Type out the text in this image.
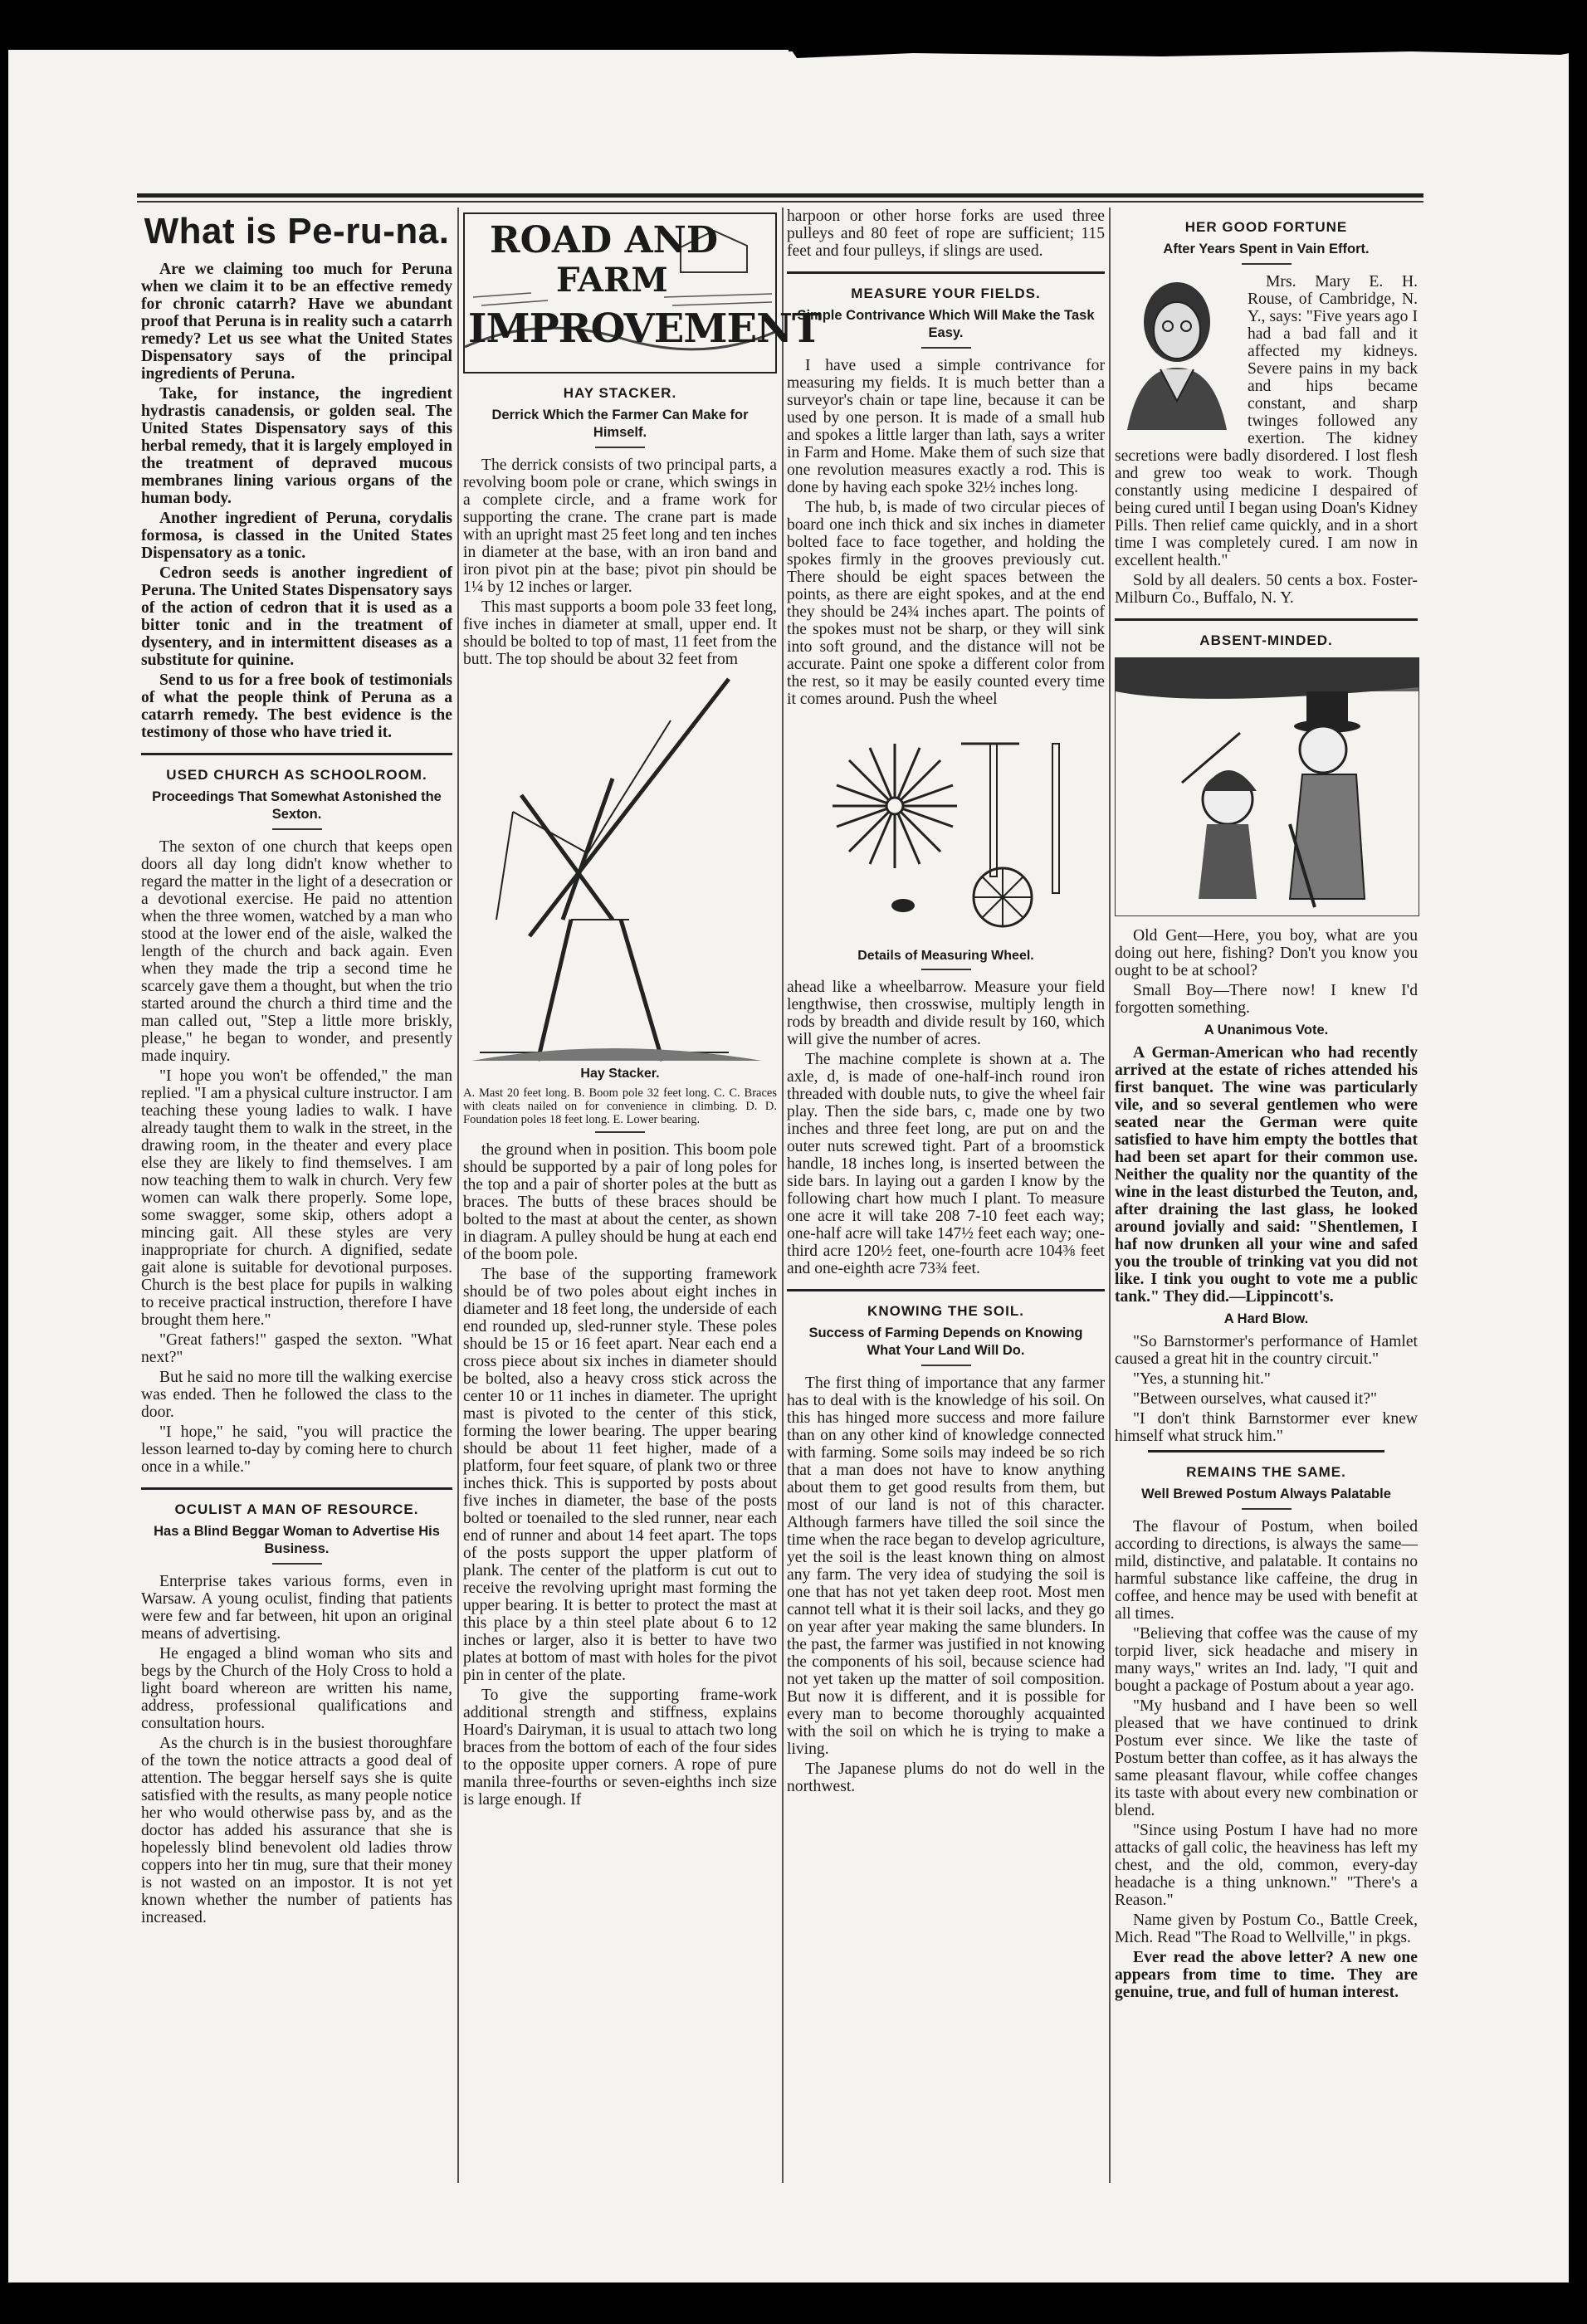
What is Pe-ru-na.

Are we claiming too much for Peruna when we claim it to be an effective remedy for chronic catarrh? Have we abundant proof that Peruna is in reality such a catarrh remedy? Let us see what the United States Dispensatory says of the principal ingredients of Peruna.

Take, for instance, the ingredient hydrastis canadensis, or golden seal. The United States Dispensatory says of this herbal remedy, that it is largely employed in the treatment of depraved mucous membranes lining various organs of the human body.

Another ingredient of Peruna, corydalis formosa, is classed in the United States Dispensatory as a tonic.

Cedron seeds is another ingredient of Peruna. The United States Dispensatory says of the action of cedron that it is used as a bitter tonic and in the treatment of dysentery, and in intermittent diseases as a substitute for quinine.

Send to us for a free book of testimonials of what the people think of Peruna as a catarrh remedy. The best evidence is the testimony of those who have tried it.

USED CHURCH AS SCHOOLROOM.
Proceedings That Somewhat Astonished the Sexton.

The sexton of one church that keeps open doors all day long didn't know whether to regard the matter in the light of a desecration or a devotional exercise. He paid no attention when the three women, watched by a man who stood at the lower end of the aisle, walked the length of the church and back again. Even when they made the trip a second time he scarcely gave them a thought, but when the trio started around the church a third time and the man called out, "Step a little more briskly, please," he began to wonder, and presently made inquiry.

"I hope you won't be offended," the man replied. "I am a physical culture instructor. I am teaching these young ladies to walk. I have already taught them to walk in the street, in the drawing room, in the theater and every place else they are likely to find themselves. I am now teaching them to walk in church. Very few women can walk there properly. Some lope, some swagger, some skip, others adopt a mincing gait. All these styles are very inappropriate for church. A dignified, sedate gait alone is suitable for devotional purposes. Church is the best place for pupils in walking to receive practical instruction, therefore I have brought them here."

"Great fathers!" gasped the sexton. "What next?"

But he said no more till the walking exercise was ended. Then he followed the class to the door.

"I hope," he said, "you will practice the lesson learned to-day by coming here to church once in a while."

OCULIST A MAN OF RESOURCE.
Has a Blind Beggar Woman to Advertise His Business.

Enterprise takes various forms, even in Warsaw. A young oculist, finding that patients were few and far between, hit upon an original means of advertising.

He engaged a blind woman who sits and begs by the Church of the Holy Cross to hold a light board whereon are written his name, address, professional qualifications and consultation hours.

As the church is in the busiest thoroughfare of the town the notice attracts a good deal of attention. The beggar herself says she is quite satisfied with the results, as many people notice her who would otherwise pass by, and as the doctor has added his assurance that she is hopelessly blind benevolent old ladies throw coppers into her tin mug, sure that their money is not wasted on an impostor. It is not yet known whether the number of patients has increased.

ROAD AND
FARM
IMPROVEMENT
HAY STACKER.
Derrick Which the Farmer Can Make for Himself.

The derrick consists of two principal parts, a revolving boom pole or crane, which swings in a complete circle, and a frame work for supporting the crane. The crane part is made with an upright mast 25 feet long and ten inches in diameter at the base, with an iron band and iron pivot pin at the base; pivot pin should be 1¼ by 12 inches or larger.

This mast supports a boom pole 33 feet long, five inches in diameter at small, upper end. It should be bolted to top of mast, 11 feet from the butt. The top should be about 32 feet from

Hay Stacker.

A. Mast 20 feet long. B. Boom pole 32 feet long. C. C. Braces with cleats nailed on for convenience in climbing. D. D. Foundation poles 18 feet long. E. Lower bearing.

the ground when in position. This boom pole should be supported by a pair of long poles for the top and a pair of shorter poles at the butt as braces. The butts of these braces should be bolted to the mast at about the center, as shown in diagram. A pulley should be hung at each end of the boom pole.

The base of the supporting framework should be of two poles about eight inches in diameter and 18 feet long, the underside of each end rounded up, sled-runner style. These poles should be 15 or 16 feet apart. Near each end a cross piece about six inches in diameter should be bolted, also a heavy cross stick across the center 10 or 11 inches in diameter. The upright mast is pivoted to the center of this stick, forming the lower bearing. The upper bearing should be about 11 feet higher, made of a platform, four feet square, of plank two or three inches thick. This is supported by posts about five inches in diameter, the base of the posts bolted or toenailed to the sled runner, near each end of runner and about 14 feet apart. The tops of the posts support the upper platform of plank. The center of the platform is cut out to receive the revolving upright mast forming the upper bearing. It is better to protect the mast at this place by a thin steel plate about 6 to 12 inches or larger, also it is better to have two plates at bottom of mast with holes for the pivot pin in center of the plate.

To give the supporting frame-work additional strength and stiffness, explains Hoard's Dairyman, it is usual to attach two long braces from the bottom of each of the four sides to the opposite upper corners. A rope of pure manila three-fourths or seven-eighths inch size is large enough. If

harpoon or other horse forks are used three pulleys and 80 feet of rope are sufficient; 115 feet and four pulleys, if slings are used.

MEASURE YOUR FIELDS.
Simple Contrivance Which Will Make the Task Easy.

I have used a simple contrivance for measuring my fields. It is much better than a surveyor's chain or tape line, because it can be used by one person. It is made of a small hub and spokes a little larger than lath, says a writer in Farm and Home. Make them of such size that one revolution measures exactly a rod. This is done by having each spoke 32½ inches long.

The hub, b, is made of two circular pieces of board one inch thick and six inches in diameter bolted face to face together, and holding the spokes firmly in the grooves previously cut. There should be eight spaces between the points, as there are eight spokes, and at the end they should be 24¾ inches apart. The points of the spokes must not be sharp, or they will sink into soft ground, and the distance will not be accurate. Paint one spoke a different color from the rest, so it may be easily counted every time it comes around. Push the wheel

Details of Measuring Wheel.

ahead like a wheelbarrow. Measure your field lengthwise, then crosswise, multiply length in rods by breadth and divide result by 160, which will give the number of acres.

The machine complete is shown at a. The axle, d, is made of one-half-inch round iron threaded with double nuts, to give the wheel fair play. Then the side bars, c, made one by two inches and three feet long, are put on and the outer nuts screwed tight. Part of a broomstick handle, 18 inches long, is inserted between the side bars. In laying out a garden I know by the following chart how much I plant. To measure one acre it will take 208 7-10 feet each way; one-half acre will take 147½ feet each way; one-third acre 120½ feet, one-fourth acre 104⅜ feet and one-eighth acre 73¾ feet.

KNOWING THE SOIL.
Success of Farming Depends on Knowing What Your Land Will Do.

The first thing of importance that any farmer has to deal with is the knowledge of his soil. On this has hinged more success and more failure than on any other kind of knowledge connected with farming. Some soils may indeed be so rich that a man does not have to know anything about them to get good results from them, but most of our land is not of this character. Although farmers have tilled the soil since the time when the race began to develop agriculture, yet the soil is the least known thing on almost any farm. The very idea of studying the soil is one that has not yet taken deep root. Most men cannot tell what it is their soil lacks, and they go on year after year making the same blunders. In the past, the farmer was justified in not knowing the components of his soil, because science had not yet taken up the matter of soil composition. But now it is different, and it is possible for every man to become thoroughly acquainted with the soil on which he is trying to make a living.

The Japanese plums do not do well in the northwest.

HER GOOD FORTUNE
After Years Spent in Vain Effort.

Mrs. Mary E. H. Rouse, of Cambridge, N. Y., says: "Five years ago I had a bad fall and it affected my kidneys. Severe pains in my back and hips became constant, and sharp twinges followed any exertion. The kidney secretions were badly disordered. I lost flesh and grew too weak to work. Though constantly using medicine I despaired of being cured until I began using Doan's Kidney Pills. Then relief came quickly, and in a short time I was completely cured. I am now in excellent health."

Sold by all dealers. 50 cents a box. Foster-Milburn Co., Buffalo, N. Y.

ABSENT-MINDED.

Old Gent—Here, you boy, what are you doing out here, fishing? Don't you know you ought to be at school?

Small Boy—There now! I knew I'd forgotten something.

A Unanimous Vote.

A German-American who had recently arrived at the estate of riches attended his first banquet. The wine was particularly vile, and so several gentlemen who were seated near the German were quite satisfied to have him empty the bottles that had been set apart for their common use. Neither the quality nor the quantity of the wine in the least disturbed the Teuton, and, after draining the last glass, he looked around jovially and said: "Shentlemen, I haf now drunken all your wine and safed you the trouble of trinking vat you did not like. I tink you ought to vote me a public tank." They did.—Lippincott's.

A Hard Blow.

"So Barnstormer's performance of Hamlet caused a great hit in the country circuit."

"Yes, a stunning hit."

"Between ourselves, what caused it?"

"I don't think Barnstormer ever knew himself what struck him."

REMAINS THE SAME.
Well Brewed Postum Always Palatable

The flavour of Postum, when boiled according to directions, is always the same—mild, distinctive, and palatable. It contains no harmful substance like caffeine, the drug in coffee, and hence may be used with benefit at all times.

"Believing that coffee was the cause of my torpid liver, sick headache and misery in many ways," writes an Ind. lady, "I quit and bought a package of Postum about a year ago.

"My husband and I have been so well pleased that we have continued to drink Postum ever since. We like the taste of Postum better than coffee, as it has always the same pleasant flavour, while coffee changes its taste with about every new combination or blend.

"Since using Postum I have had no more attacks of gall colic, the heaviness has left my chest, and the old, common, every-day headache is a thing unknown." "There's a Reason."

Name given by Postum Co., Battle Creek, Mich. Read "The Road to Wellville," in pkgs.

Ever read the above letter? A new one appears from time to time. They are genuine, true, and full of human interest.
